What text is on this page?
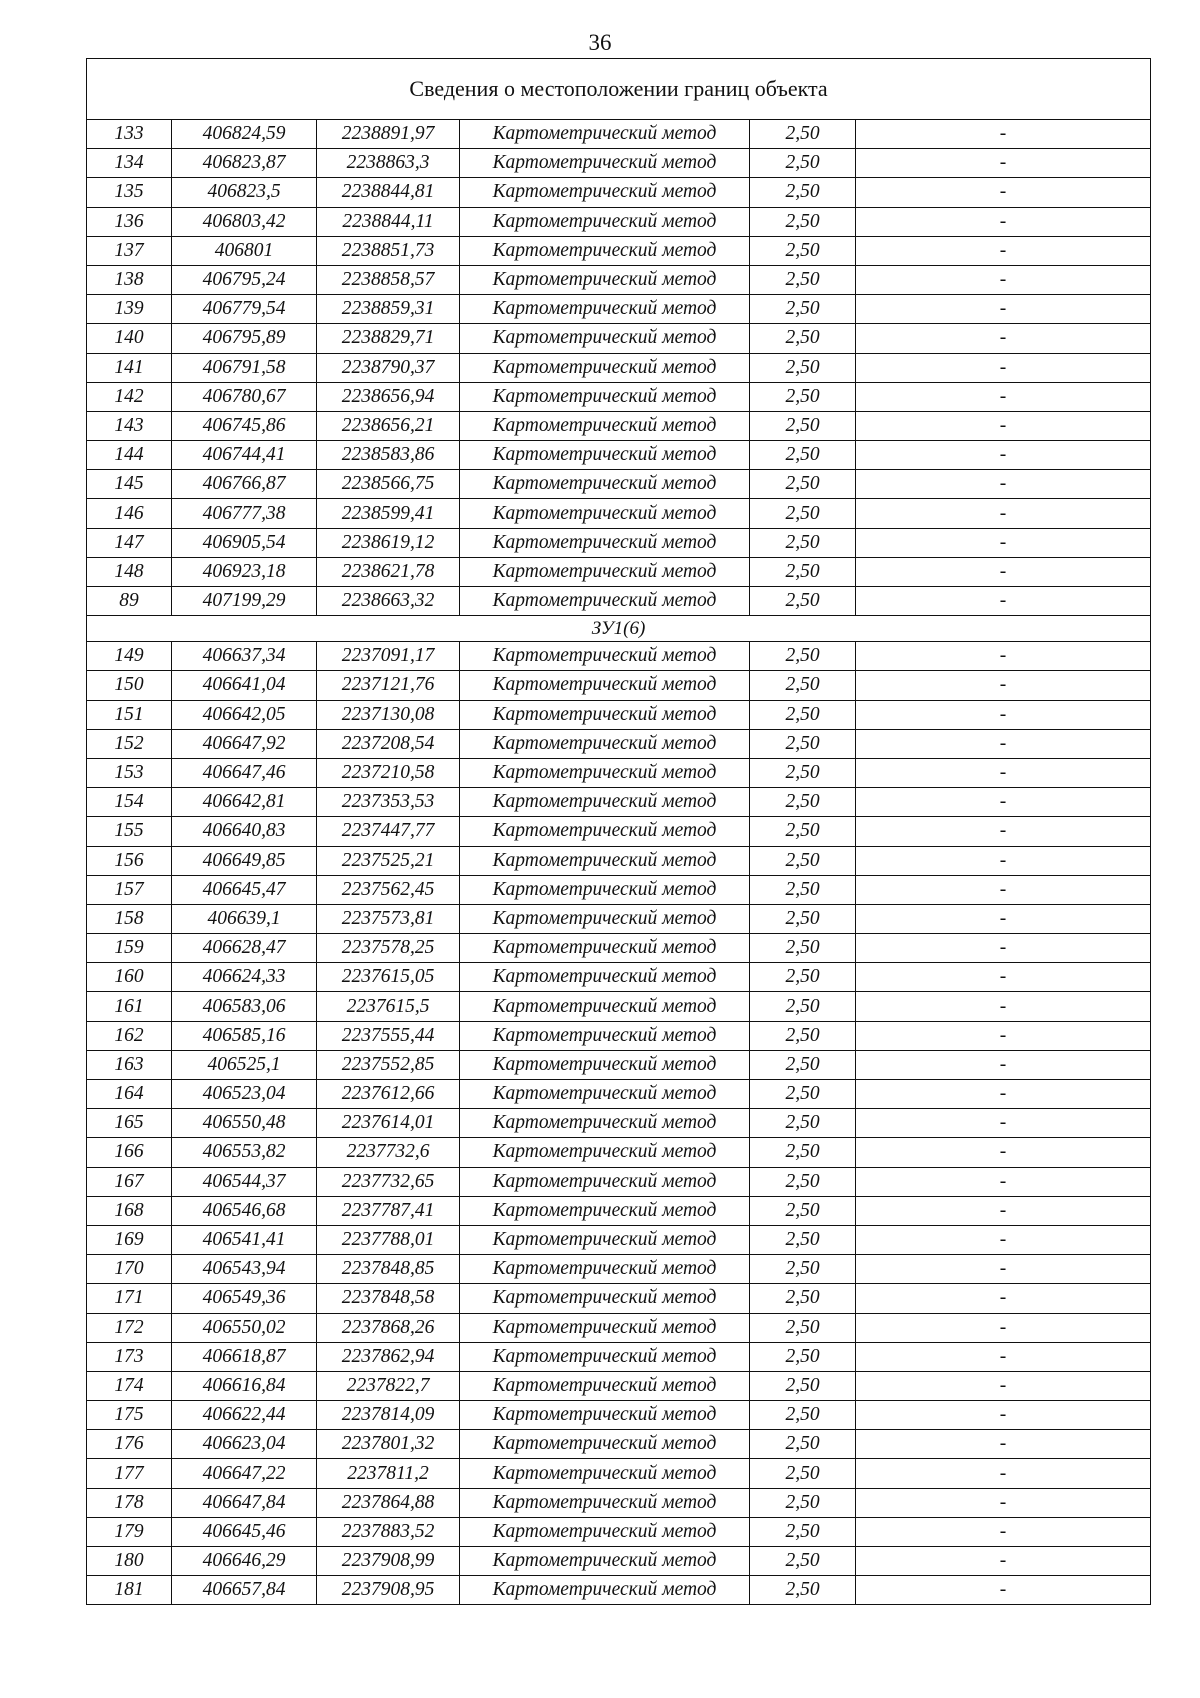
36
Сведения о местоположении границ объекта					
133	406824,59	2238891,97	Картометрический метод	2,50	-
134	406823,87	2238863,3	Картометрический метод	2,50	-
135	406823,5	2238844,81	Картометрический метод	2,50	-
136	406803,42	2238844,11	Картометрический метод	2,50	-
137	406801	2238851,73	Картометрический метод	2,50	-
138	406795,24	2238858,57	Картометрический метод	2,50	-
139	406779,54	2238859,31	Картометрический метод	2,50	-
140	406795,89	2238829,71	Картометрический метод	2,50	-
141	406791,58	2238790,37	Картометрический метод	2,50	-
142	406780,67	2238656,94	Картометрический метод	2,50	-
143	406745,86	2238656,21	Картометрический метод	2,50	-
144	406744,41	2238583,86	Картометрический метод	2,50	-
145	406766,87	2238566,75	Картометрический метод	2,50	-
146	406777,38	2238599,41	Картометрический метод	2,50	-
147	406905,54	2238619,12	Картометрический метод	2,50	-
148	406923,18	2238621,78	Картометрический метод	2,50	-
89	407199,29	2238663,32	Картометрический метод	2,50	-
ЗУ1(6)					
149	406637,34	2237091,17	Картометрический метод	2,50	-
150	406641,04	2237121,76	Картометрический метод	2,50	-
151	406642,05	2237130,08	Картометрический метод	2,50	-
152	406647,92	2237208,54	Картометрический метод	2,50	-
153	406647,46	2237210,58	Картометрический метод	2,50	-
154	406642,81	2237353,53	Картометрический метод	2,50	-
155	406640,83	2237447,77	Картометрический метод	2,50	-
156	406649,85	2237525,21	Картометрический метод	2,50	-
157	406645,47	2237562,45	Картометрический метод	2,50	-
158	406639,1	2237573,81	Картометрический метод	2,50	-
159	406628,47	2237578,25	Картометрический метод	2,50	-
160	406624,33	2237615,05	Картометрический метод	2,50	-
161	406583,06	2237615,5	Картометрический метод	2,50	-
162	406585,16	2237555,44	Картометрический метод	2,50	-
163	406525,1	2237552,85	Картометрический метод	2,50	-
164	406523,04	2237612,66	Картометрический метод	2,50	-
165	406550,48	2237614,01	Картометрический метод	2,50	-
166	406553,82	2237732,6	Картометрический метод	2,50	-
167	406544,37	2237732,65	Картометрический метод	2,50	-
168	406546,68	2237787,41	Картометрический метод	2,50	-
169	406541,41	2237788,01	Картометрический метод	2,50	-
170	406543,94	2237848,85	Картометрический метод	2,50	-
171	406549,36	2237848,58	Картометрический метод	2,50	-
172	406550,02	2237868,26	Картометрический метод	2,50	-
173	406618,87	2237862,94	Картометрический метод	2,50	-
174	406616,84	2237822,7	Картометрический метод	2,50	-
175	406622,44	2237814,09	Картометрический метод	2,50	-
176	406623,04	2237801,32	Картометрический метод	2,50	-
177	406647,22	2237811,2	Картометрический метод	2,50	-
178	406647,84	2237864,88	Картометрический метод	2,50	-
179	406645,46	2237883,52	Картометрический метод	2,50	-
180	406646,29	2237908,99	Картометрический метод	2,50	-
181	406657,84	2237908,95	Картометрический метод	2,50	-
